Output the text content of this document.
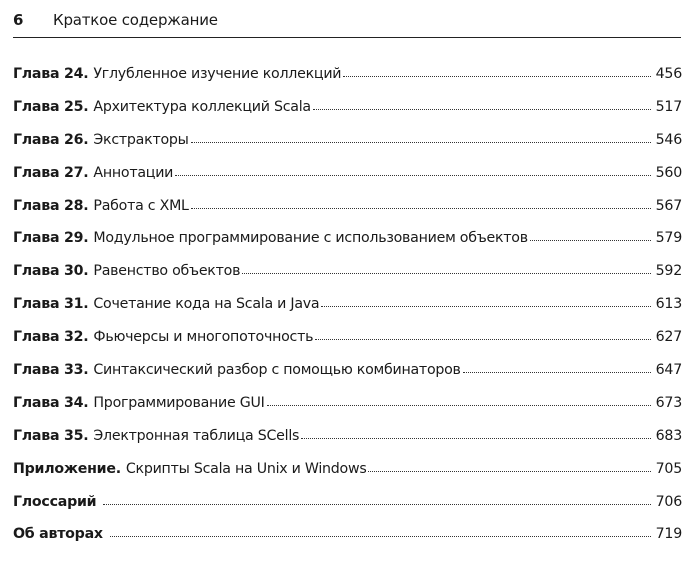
6	Краткое содержание
Глава 24. Углубленное изучение коллекций	456
Глава 25. Архитектура коллекций Scala	517
Глава 26. Экстракторы	546
Глава 27. Аннотации	560
Глава 28. Работа с XML	567
Глава 29. Модульное программирование с использованием объектов	579
Глава 30. Равенство объектов	592
Глава 31. Сочетание кода на Scala и Java	613
Глава 32. Фьючерсы и многопоточность	627
Глава 33. Синтаксический разбор с помощью комбинаторов	647
Глава 34. Программирование GUI	673
Глава 35. Электронная таблица SCells	683
Приложение. Скрипты Scala на Unix и Windows	705
Глоссарий	706
Об авторах	719
